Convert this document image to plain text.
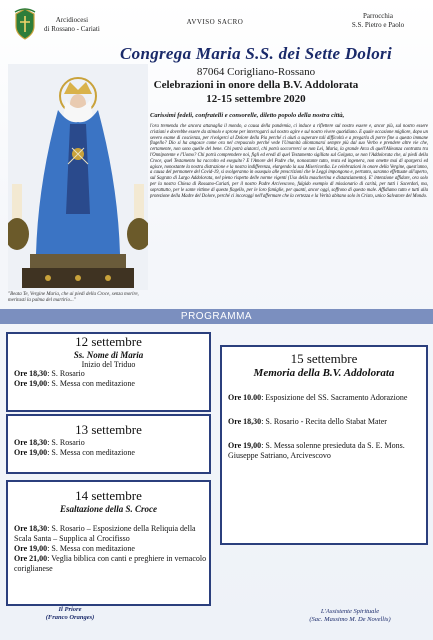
Arcidiocesi
di Rossano - Cariati
AVVISO SACRO
Parrocchia
S.S. Pietro e Paolo
Congrega Maria S.S. dei Sette Dolori
87064 Corigliano-Rossano
Celebrazioni in onore della B.V. Addolorata
12-15 settembre 2020
"Beata Te, Vergine Maria, che ai piedi della Croce, senza morire, meritasti la palma del martirio..."
Carissimi fedeli, confratelli e consorelle, diletto popolo della nostra città,
l'ora tremenda che ancora attanaglia il mondo, a causa della pandemia, ci induce a riflettere sul nostro essere e, ancor più, sul nostro essere cristiani e dovrebbe essere da stimolo e sprone per interrogarci sul nostro agire e sul nostro vivere quotidiano. E quale occasione migliore, dopo un severo esame di coscienza, per rivolgerci al Dolore della Pia perché ci aiuti a superare tali difficoltà e a pregarla di porre fine a questo immane flagello? Dio si ha angosce come ora nel crepuscolo perché vede l'Umanità allontanarsi sempre più dal suo Verbo e prendere altre vie che, certamente, non sono quelle del bene. Chi potrà aiutarci, chi potrà soccorrerci se non Lei, Maria, la grande Arca di quell'Alleanza contratta tra l'Onnipotente e l'Uomo? Chi potrà comprendere noi, figli ed eredi di quel Testamento sigillato sul Golgota, se non l'Addolorata che, ai piedi della Croce, quel Testamento ha raccolto ed eseguito? E l'Amore del Padre che, nonostante tutto, resta ed ingenera, non omette mai di spargersi ed agisce, nonostante la nostra distrazione e la nostra indifferenza, elargendo la sua Misericordia. Le celebrazioni in onore della Vergine, quest'anno, a causa del permanere del Covid-19, si svolgeranno in ossequio alle prescrizioni che le Leggi impongono e, pertanto, saranno effettuate all'aperto, sul Sagrato di Largo Addolorata, nel pieno rispetto delle norme vigenti (Uso della mascherina e distanziamento). E' intenzione affidare, ora solo per la nostra Chiesa di Rossano-Cariati, per il nostro Padre Arcivescovo, fulgido esempio di missionario di carità, per tutti i Sacerdoti, ma, soprattutto, per le sante vittime di questo flagello, per le loro famiglie, per quanti, ancor oggi, soffrono di questo male. Affidiamo tutto e tutti alla protezione della Madre del Dolore, perché ci incoraggi nell'affermare che la certezza e la Verità abitano solo in Cristo, unico Salvatore del Mondo.
PROGRAMMA
12 settembre
Ss. Nome di Maria
Inizio del Triduo
Ore 18,30: S. Rosario
Ore 19,00: S. Messa con meditazione
13 settembre
Ore 18,30: S. Rosario
Ore 19,00: S. Messa con meditazione
14 settembre
Esaltazione della S. Croce
Ore 18,30: S. Rosario – Esposizione della Reliquia della Scala Santa – Supplica al Crocifisso
Ore 19,00: S. Messa con meditazione
Ore 21,00: Veglia biblica con canti e preghiere in vernacolo coriglianese
15 settembre
Memoria della B.V. Addolorata
Ore 10.00: Esposizione del SS. Sacramento Adorazione
Ore 18,30: S. Rosario - Recita dello Stabat Mater
Ore 19,00: S. Messa solenne presieduta da S. E. Mons. Giuseppe Satriano, Arcivescovo
Il Priore
(Franco Oranges)
L'Assistente Spirituale
(Sac. Massimo M. De Novellis)
